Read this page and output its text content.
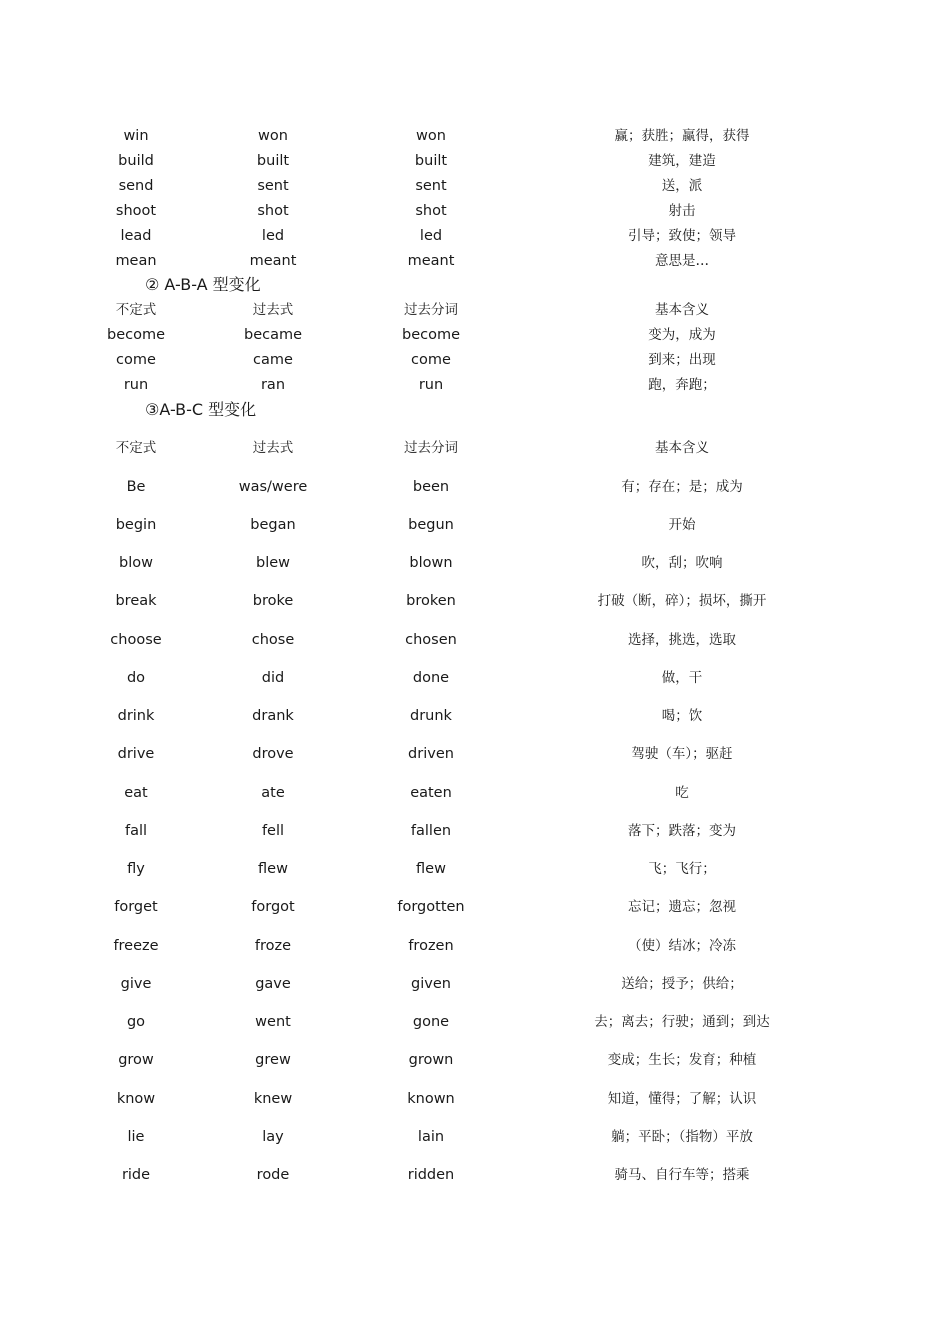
win	won	won	赢；获胜；赢得，获得
build	built	built	建筑，建造
send	sent	sent	送，派
shoot	shot	shot	射击
lead	led	led	引导；致使；领导
mean	meant	meant	意思是…
② A-B-A 型变化
不定式	过去式	过去分词	基本含义
become	became	become	变为，成为
come	came	come	到来；出现
run	ran	run	跑，奔跑；
③A-B-C 型变化
不定式	过去式	过去分词	基本含义
Be	was/were	been	有；存在；是；成为
begin	began	begun	开始
blow	blew	blown	吹，刮；吹响
break	broke	broken	打破（断，碎）；损坏，撕开
choose	chose	chosen	选择，挑选，选取
do	did	done	做，干
drink	drank	drunk	喝；饮
drive	drove	driven	驾驶（车）；驱赶
eat	ate	eaten	吃
fall	fell	fallen	落下；跌落；变为
fly	flew	flew	飞；飞行；
forget	forgot	forgotten	忘记；遗忘；忽视
freeze	froze	frozen	（使）结冰；冷冻
give	gave	given	送给；授予；供给；
go	went	gone	去；离去；行驶；通到；到达
grow	grew	grown	变成；生长；发育；种植
know	knew	known	知道，懂得；了解；认识
lie	lay	lain	躺；平卧；（指物）平放
ride	rode	ridden	骑马、自行车等；搭乘
